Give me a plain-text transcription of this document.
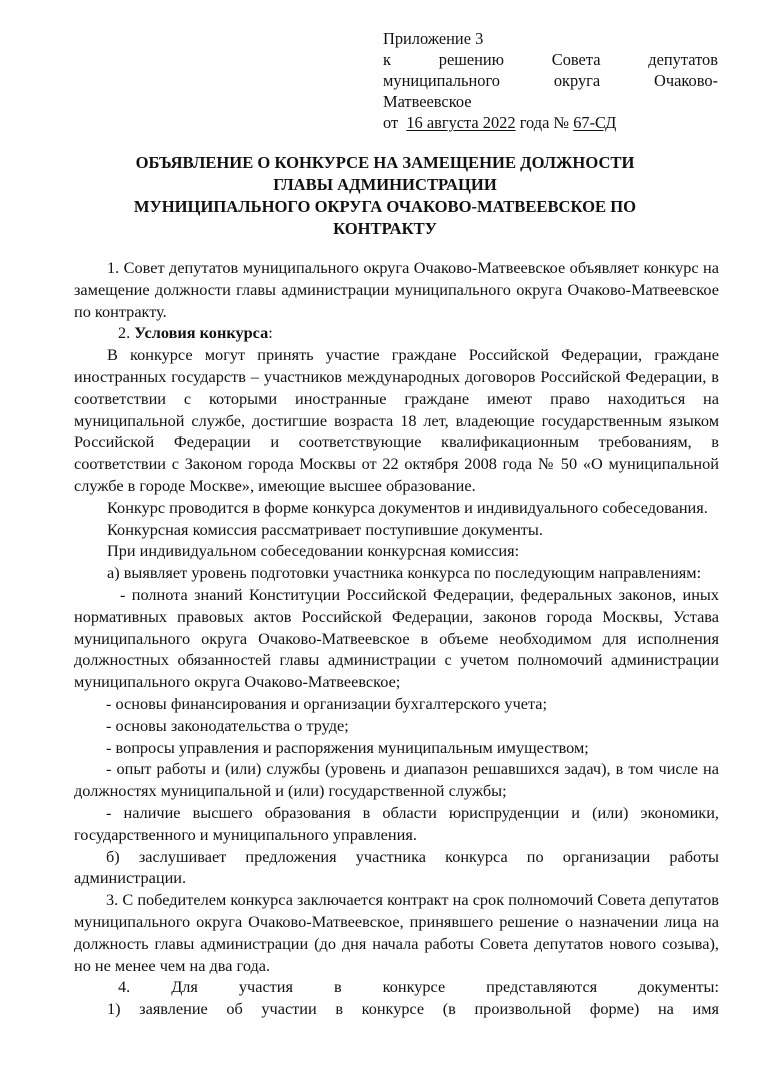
Приложение 3
к	решению	Совета	депутатов
муниципального	округа	Очаково-
Матвеевское
от 16 августа 2022 года № 67-СД
ОБЪЯВЛЕНИЕ О КОНКУРСЕ НА ЗАМЕЩЕНИЕ ДОЛЖНОСТИ
ГЛАВЫ АДМИНИСТРАЦИИ
МУНИЦИПАЛЬНОГО ОКРУГА ОЧАКОВО-МАТВЕЕВСКОЕ ПО
КОНТРАКТУ

1. Совет депутатов муниципального округа Очаково-Матвеевское объявляет конкурс на замещение должности главы администрации муниципального округа Очаково-Матвеевское по контракту.

2. Условия конкурса:

В конкурсе могут принять участие граждане Российской Федерации, граждане иностранных государств – участников международных договоров Российской Федерации, в соответствии с которыми иностранные граждане имеют право находиться на муниципальной службе, достигшие возраста 18 лет, владеющие государственным языком Российской Федерации и соответствующие квалификационным требованиям, в соответствии с Законом города Москвы от 22 октября 2008 года № 50 «О муниципальной службе в городе Москве», имеющие высшее образование.

Конкурс проводится в форме конкурса документов и индивидуального собеседования.

Конкурсная комиссия рассматривает поступившие документы.

При индивидуальном собеседовании конкурсная комиссия:

а) выявляет уровень подготовки участника конкурса по последующим направлениям:

- полнота знаний Конституции Российской Федерации, федеральных законов, иных нормативных правовых актов Российской Федерации, законов города Москвы, Устава муниципального округа Очаково-Матвеевское в объеме необходимом для исполнения должностных обязанностей главы администрации с учетом полномочий администрации муниципального округа Очаково-Матвеевское;

- основы финансирования и организации бухгалтерского учета;

- основы законодательства о труде;

- вопросы управления и распоряжения муниципальным имуществом;

- опыт работы и (или) службы (уровень и диапазон решавшихся задач), в том числе на должностях муниципальной и (или) государственной службы;

- наличие высшего образования в области юриспруденции и (или) экономики, государственного и муниципального управления.

б) заслушивает предложения участника конкурса по организации работы администрации.

3. С победителем конкурса заключается контракт на срок полномочий Совета депутатов муниципального округа Очаково-Матвеевское, принявшего решение о назначении лица на должность главы администрации (до дня начала работы Совета депутатов нового созыва), но не менее чем на два года.

4. Для участия в конкурсе представляются документы:

1) заявление об участии в конкурсе (в произвольной форме) на имя
